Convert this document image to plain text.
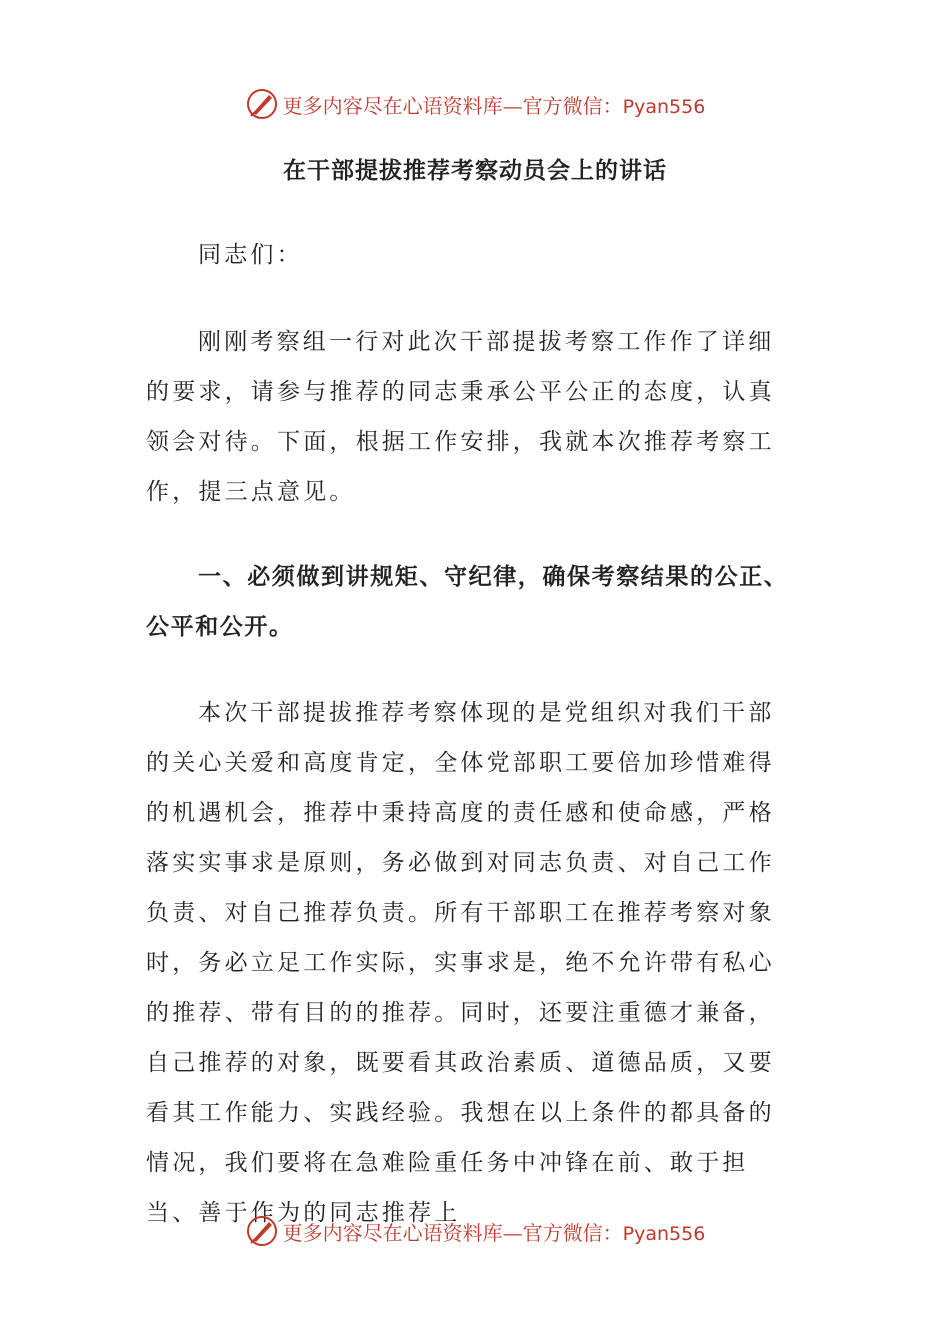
更多内容尽在心语资料库—官方微信：Pyan556
在干部提拔推荐考察动员会上的讲话

同志们：

刚刚考察组一行对此次干部提拔考察工作作了详细的要求，请参与推荐的同志秉承公平公正的态度，认真领会对待。下面，根据工作安排，我就本次推荐考察工作，提三点意见。

一、必须做到讲规矩、守纪律，确保考察结果的公正、公平和公开。

本次干部提拔推荐考察体现的是党组织对我们干部的关心关爱和高度肯定，全体党部职工要倍加珍惜难得的机遇机会，推荐中秉持高度的责任感和使命感，严格落实实事求是原则，务必做到对同志负责、对自己工作负责、对自己推荐负责。所有干部职工在推荐考察对象时，务必立足工作实际，实事求是，绝不允许带有私心的推荐、带有目的的推荐。同时，还要注重德才兼备，自己推荐的对象，既要看其政治素质、道德品质，又要看其工作能力、实践经验。我想在以上条件的都具备的情况，我们要将在急难险重任务中冲锋在前、敢于担当、善于作为的同志推荐上

更多内容尽在心语资料库—官方微信：Pyan556
